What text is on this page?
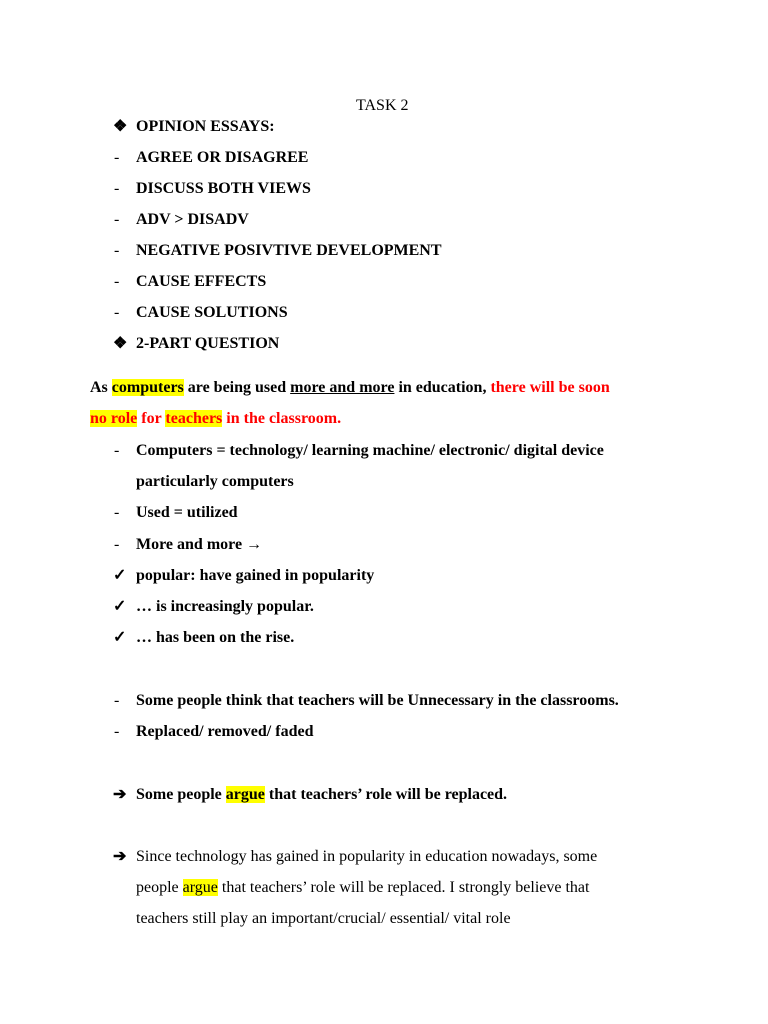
TASK 2
❖ OPINION ESSAYS:
- AGREE OR DISAGREE
- DISCUSS BOTH VIEWS
- ADV > DISADV
- NEGATIVE POSIVTIVE DEVELOPMENT
- CAUSE EFFECTS
- CAUSE SOLUTIONS
❖ 2-PART QUESTION
As computers are being used more and more in education, there will be soon
no role for teachers in the classroom.
- Computers = technology/ learning machine/ electronic/ digital device
particularly computers
- Used = utilized
- More and more →
✓ popular: have gained in popularity
✓ … is increasingly popular.
✓ … has been on the rise.
- Some people think that teachers will be Unnecessary in the classrooms.
- Replaced/ removed/ faded
➔ Some people argue that teachers’ role will be replaced.
➔ Since technology has gained in popularity in education nowadays, some
people argue that teachers’ role will be replaced. I strongly believe that
teachers still play an important/crucial/ essential/ vital role
